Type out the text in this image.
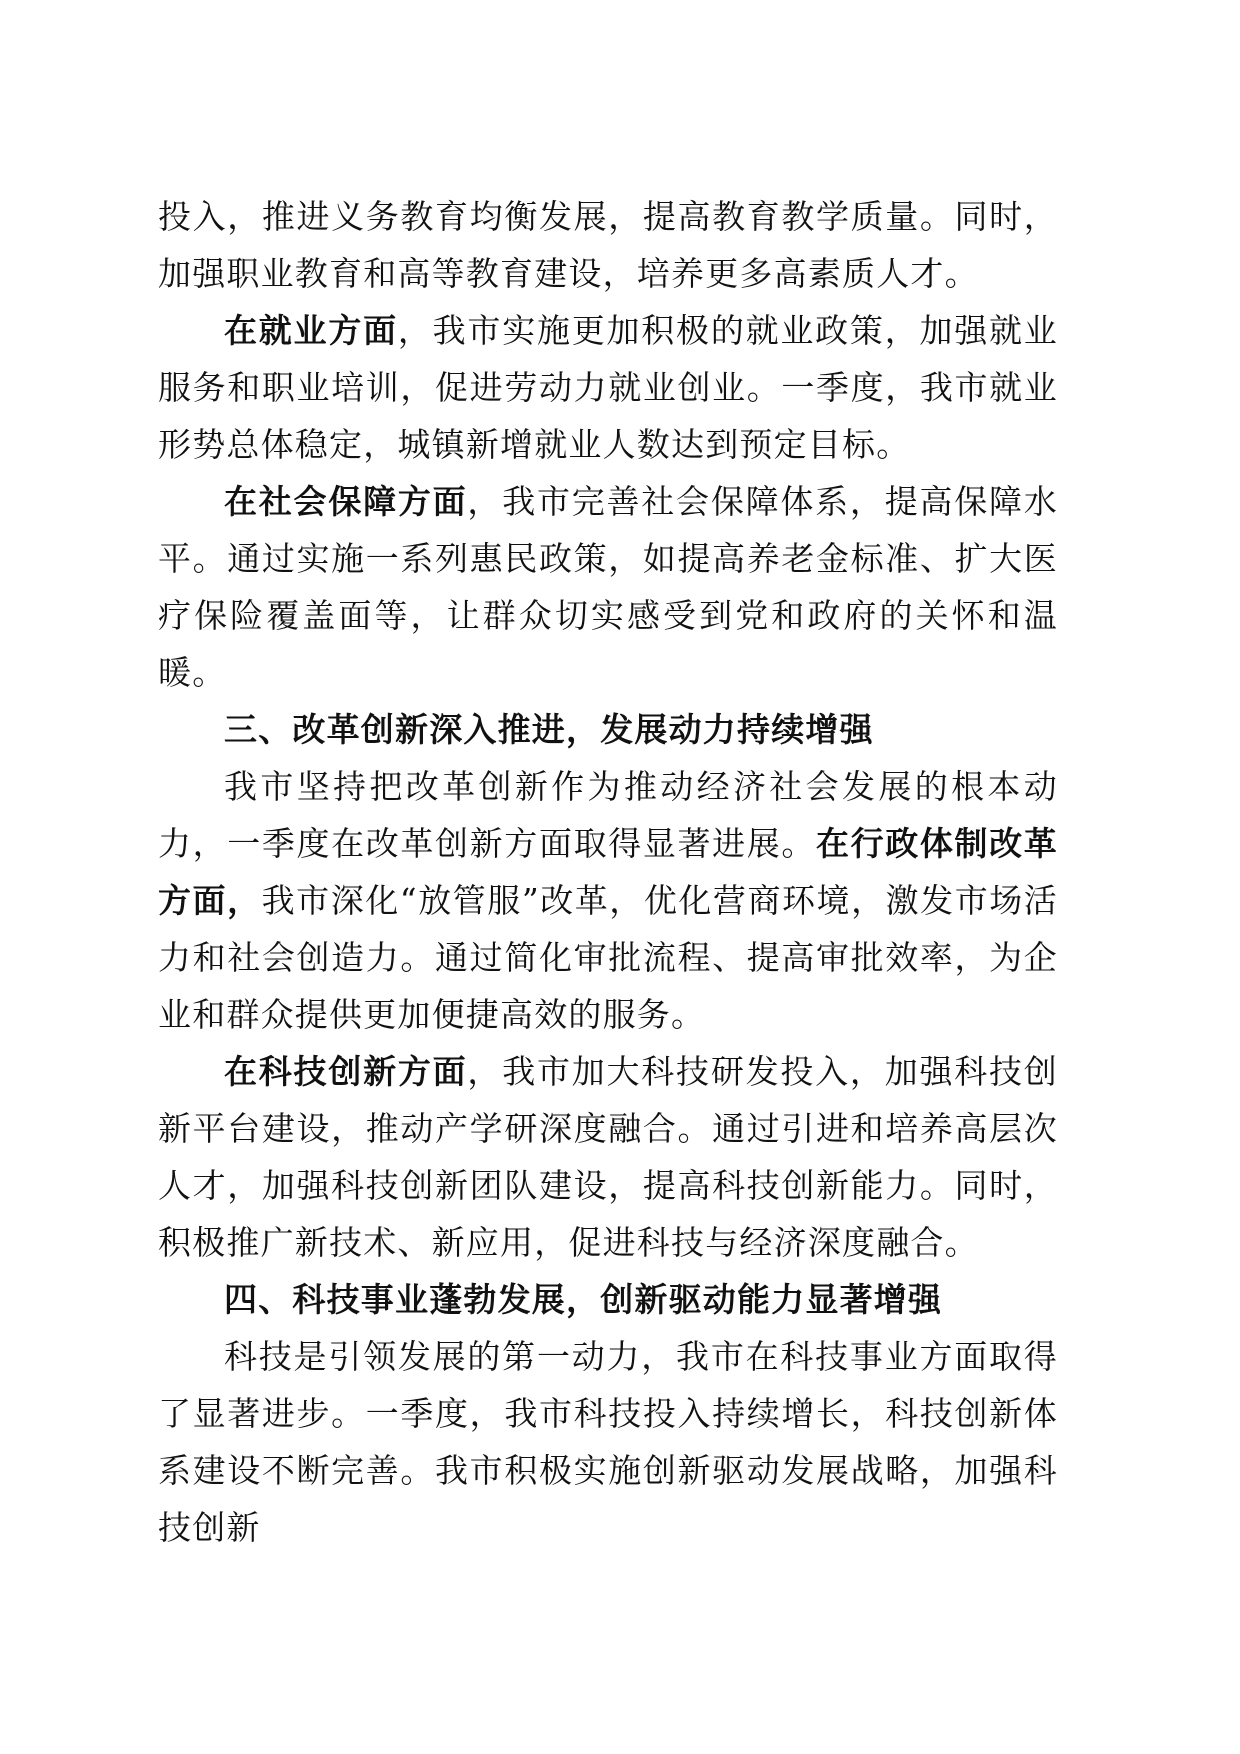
投入，推进义务教育均衡发展，提高教育教学质量。同时，加强职业教育和高等教育建设，培养更多高素质人才。

在就业方面，我市实施更加积极的就业政策，加强就业服务和职业培训，促进劳动力就业创业。一季度，我市就业形势总体稳定，城镇新增就业人数达到预定目标。

在社会保障方面，我市完善社会保障体系，提高保障水平。通过实施一系列惠民政策，如提高养老金标准、扩大医疗保险覆盖面等，让群众切实感受到党和政府的关怀和温暖。

三、改革创新深入推进，发展动力持续增强

我市坚持把改革创新作为推动经济社会发展的根本动力，一季度在改革创新方面取得显著进展。在行政体制改革方面，我市深化“放管服”改革，优化营商环境，激发市场活力和社会创造力。通过简化审批流程、提高审批效率，为企业和群众提供更加便捷高效的服务。

在科技创新方面，我市加大科技研发投入，加强科技创新平台建设，推动产学研深度融合。通过引进和培养高层次人才，加强科技创新团队建设，提高科技创新能力。同时，积极推广新技术、新应用，促进科技与经济深度融合。

四、科技事业蓬勃发展，创新驱动能力显著增强

科技是引领发展的第一动力，我市在科技事业方面取得了显著进步。一季度，我市科技投入持续增长，科技创新体系建设不断完善。我市积极实施创新驱动发展战略，加强科技创新
